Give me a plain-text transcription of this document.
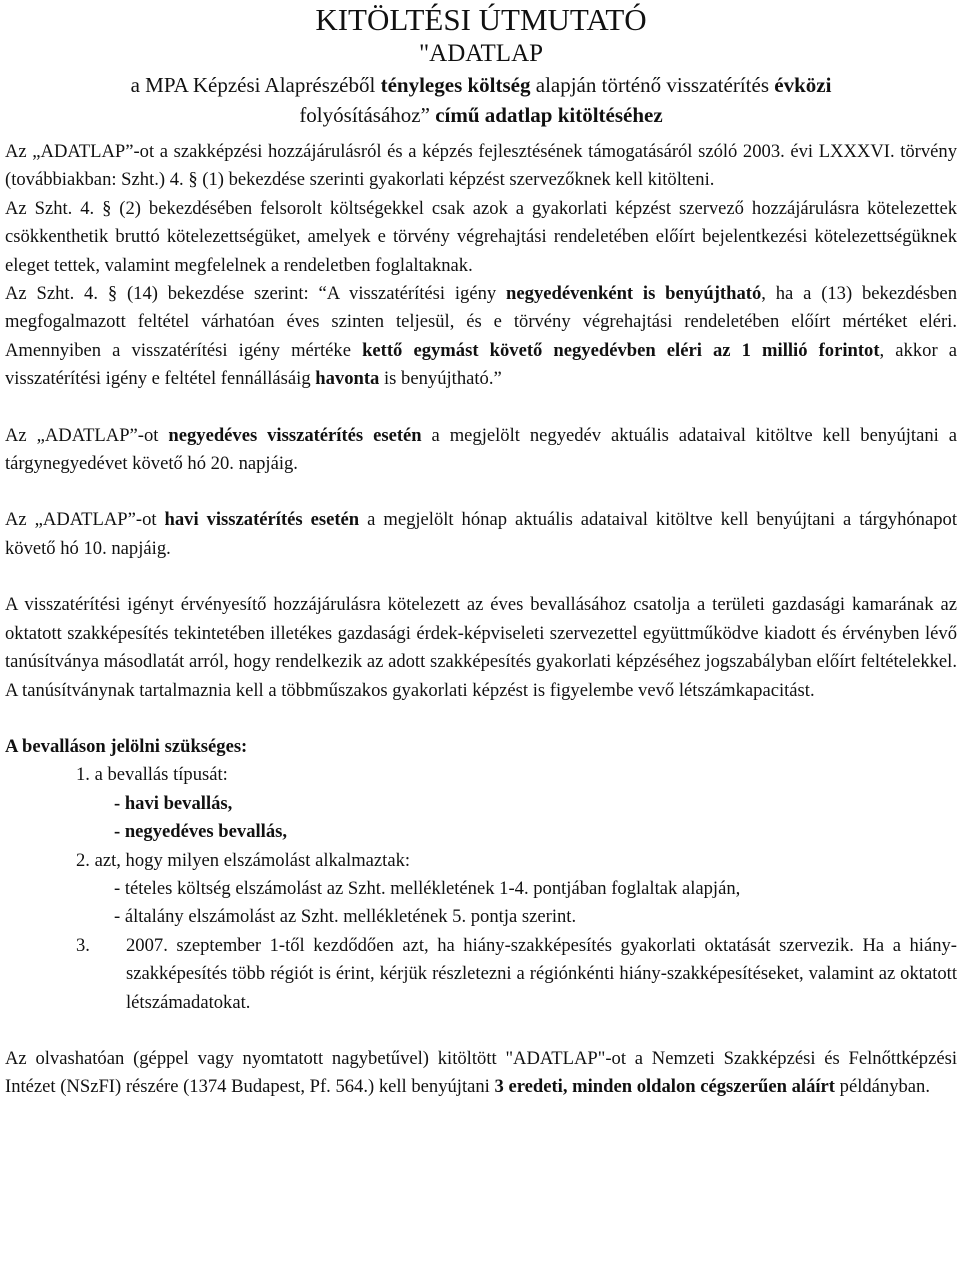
KITÖLTÉSI ÚTMUTATÓ

"ADATLAP

a MPA Képzési Alaprészéből tényleges költség alapján történő visszatérítés évközi

folyósításához” című adatlap kitöltéséhez

Az „ADATLAP”-ot a szakképzési hozzájárulásról és a képzés fejlesztésének támogatásáról szóló 2003. évi LXXXVI. törvény (továbbiakban: Szht.) 4. § (1) bekezdése szerinti gyakorlati képzést szervezőknek kell kitölteni.

Az Szht. 4. § (2) bekezdésében felsorolt költségekkel csak azok a gyakorlati képzést szervező hozzájárulásra kötelezettek csökkenthetik bruttó kötelezettségüket, amelyek e törvény végrehajtási rendeletében előírt bejelentkezési kötelezettségüknek eleget tettek, valamint megfelelnek a rendeletben foglaltaknak.

Az Szht. 4. § (14) bekezdése szerint: “A visszatérítési igény negyedévenként is benyújtható, ha a (13) bekezdésben megfogalmazott feltétel várhatóan éves szinten teljesül, és e törvény végrehajtási rendeletében előírt mértéket eléri. Amennyiben a visszatérítési igény mértéke kettő egymást követő negyedévben eléri az 1 millió forintot, akkor a visszatérítési igény e feltétel fennállásáig havonta is benyújtható.”

Az „ADATLAP”-ot negyedéves visszatérítés esetén a megjelölt negyedév aktuális adataival kitöltve kell benyújtani a tárgynegyedévet követő hó 20. napjáig.

Az „ADATLAP”-ot havi visszatérítés esetén a megjelölt hónap aktuális adataival kitöltve kell benyújtani a tárgyhónapot követő hó 10. napjáig.

A visszatérítési igényt érvényesítő hozzájárulásra kötelezett az éves bevallásához csatolja a területi gazdasági kamarának az oktatott szakképesítés tekintetében illetékes gazdasági érdek-képviseleti szervezettel együttműködve kiadott és érvényben lévő tanúsítványa másodlatát arról, hogy rendelkezik az adott szakképesítés gyakorlati képzéséhez jogszabályban előírt feltételekkel. A tanúsítványnak tartalmaznia kell a többműszakos gyakorlati képzést is figyelembe vevő létszámkapacitást.

A bevalláson jelölni szükséges:

1. a bevallás típusát:
- havi bevallás,
- negyedéves bevallás,
2. azt, hogy milyen elszámolást alkalmaztak:
- tételes költség elszámolást az Szht. mellékletének 1-4. pontjában foglaltak alapján,
- általány elszámolást az Szht. mellékletének 5. pontja szerint.
3.	2007. szeptember 1-től kezdődően azt, ha hiány-szakképesítés gyakorlati oktatását szervezik. Ha a hiány-szakképesítés több régiót is érint, kérjük részletezni a régiónkénti hiány-szakképesítéseket, valamint az oktatott létszámadatokat.

Az olvashatóan (géppel vagy nyomtatott nagybetűvel) kitöltött "ADATLAP"-ot a Nemzeti Szakképzési és Felnőttképzési Intézet (NSzFI) részére (1374 Budapest, Pf. 564.) kell benyújtani 3 eredeti, minden oldalon cégszerűen aláírt példányban.
